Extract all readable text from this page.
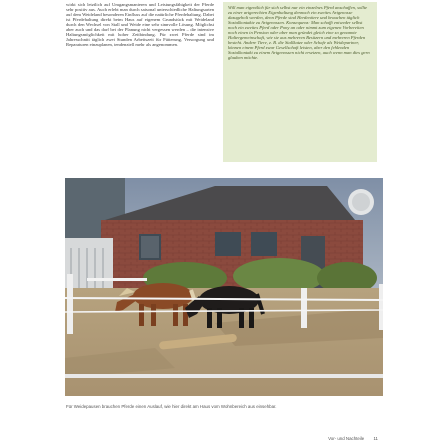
wirkt sich letztlich auf Umgangsmanieren und Leistungsfähigkeit der Pferde sehr positiv aus. Auch erlebt man durch saisonal unterschiedliche Haltungsarten auf dem Weideland besonderen Einfluss auf die natürliche Pferdehaltung. Dabei ist Pferdehaltung direkt beim Haus auf eigenem Grundstück mit Weideland durch den Wechsel von Stall und Weide eine sehr sinnvolle Lösung. Möglichst aber auch und das darf bei der Planung nicht vergessen werden – die intensive Haltungsmöglichkeit mit hoher Zeitbindung. Für zwei Pferde sind im Jahresschnitt täglich zwei Stunden Arbeitszeit für Fütterung, Versorgung und Reparaturen einzuplanen, tendenziell mehr als angenommen.

Will man eigentlich für sich selbst nur ein einzelnes Pferd anschaffen, sollte zu einer artgerechten Eigenhaltung dennoch ein zweites Artgenosse dazugeholt werden, denn Pferde sind Herdentiere und brauchen täglich Sozialkontakte zu Artgenossen. Konsequenz: Man schafft entweder selbst noch ein zweites Pferd oder Pony an oder nimmt zum eigenen Vorbereiten noch einen in Pension oder aber man gründet gleich eine so genannte Haltergemeinschaft, wie sie aus mehreren Besitzern und mehreren Pferden besteht. Andere Tiere, z. B. die Stallkatze oder Schafe als Weidepartner, können einem Pferd zwar Gesellschaft leisten, aber den fehlenden Sozialkontakt zu einem Artgenossen nicht ersetzen, auch wenn man dies gern glauben möchte.

Für Weidepausen brauchen Pferde einen Auslauf, wie hier direkt am Haus vom Wohnbereich aus einsehbar.
Vor- und Nachteile 11
